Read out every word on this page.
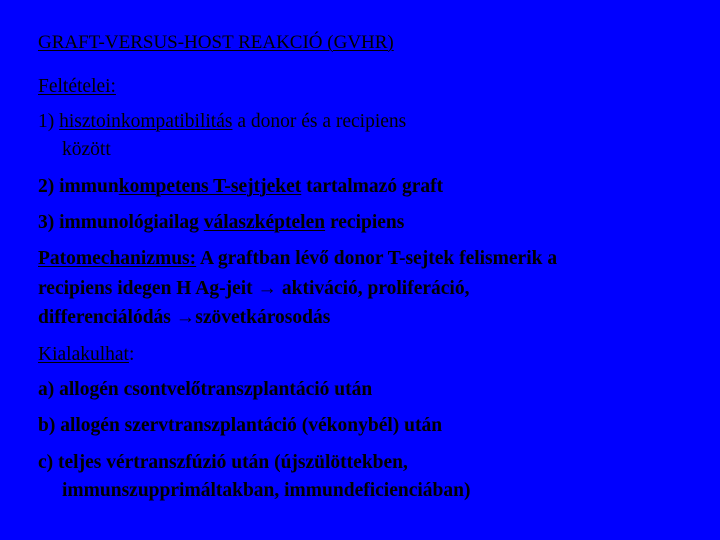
GRAFT-VERSUS-HOST REAKCIÓ (GVHR)
Feltételei:
1) hisztoinkompatibilitás a donor és a recipiens
között
2) immunkompetens T-sejtjeket tartalmazó graft
3) immunológiailag válaszképtelen recipiens
Patomechanizmus: A graftban lévő donor T-sejtek felismerik a
recipiens idegen H Ag-jeit → aktiváció, proliferáció,
differenciálódás →szövetkárosodás
Kialakulhat:
a) allogén csontvelőtranszplantáció után
b) allogén szervtranszplantáció (vékonybél) után
c) teljes vértranszfúzió után (újszülöttekben,
immunszupprimáltakban, immundeficienciában)
